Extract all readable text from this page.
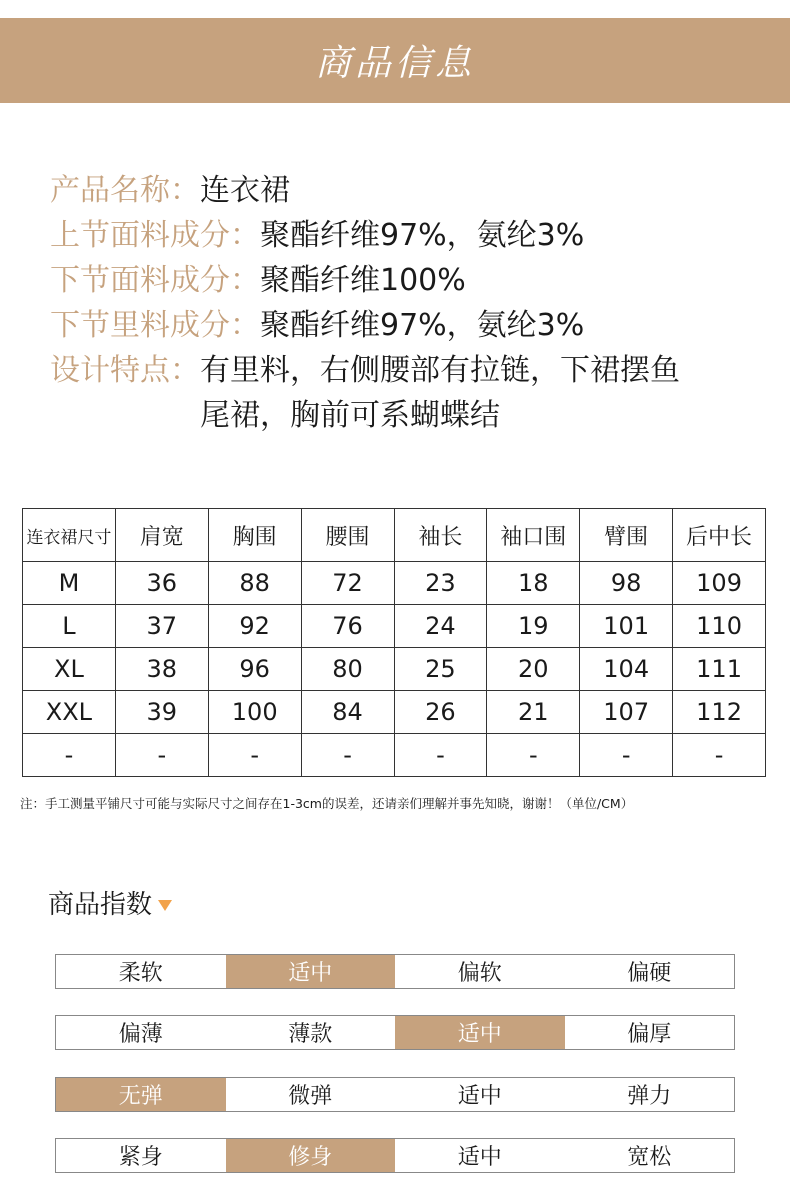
商品信息
产品名称： 连衣裙
上节面料成分： 聚酯纤维97%，氨纶3%
下节面料成分： 聚酯纤维100%
下节里料成分： 聚酯纤维97%，氨纶3%
设计特点： 有里料，右侧腰部有拉链，下裙摆鱼尾裙，胸前可系蝴蝶结
连衣裙尺寸	肩宽	胸围	腰围	袖长	袖口围	臂围	后中长
M	36	88	72	23	18	98	109
L	37	92	76	24	19	101	110
XL	38	96	80	25	20	104	111
XXL	39	100	84	26	21	107	112
-	-	-	-	-	-	-	-
注：手工测量平铺尺寸可能与实际尺寸之间存在1-3cm的误差，还请亲们理解并事先知晓，谢谢！（单位/CM）
商品指数
柔软	适中	偏软	偏硬
偏薄	薄款	适中	偏厚
无弹	微弹	适中	弹力
紧身	修身	适中	宽松
